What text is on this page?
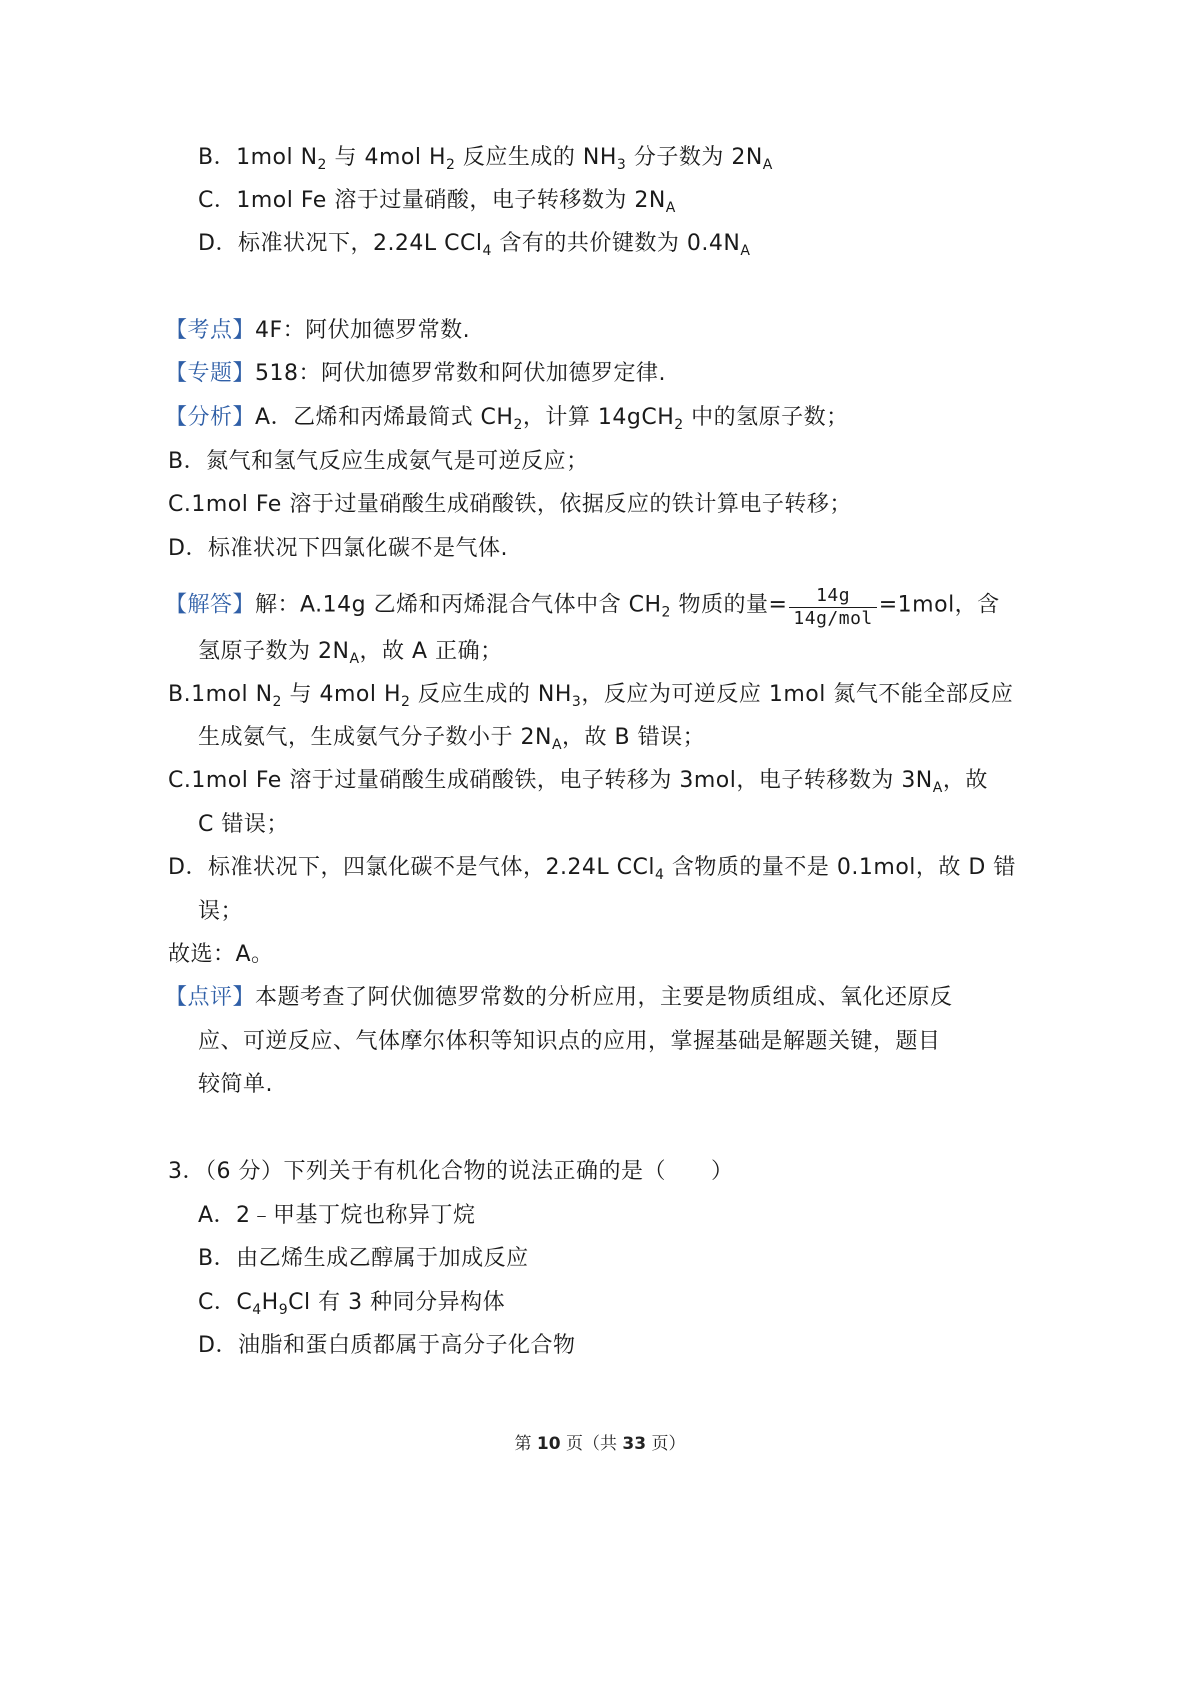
B．1mol $N_2$ 与 4mol $H_2$ 反应生成的 $NH_3$ 分子数为 $2N_A$
C．1mol Fe 溶于过量硝酸，电子转移数为 $2N_A$
D．标准状况下，2.24L CCl$_4$ 含有的共价键数为 $0.4N_A$
【考点】4F：阿伏加德罗常数.
【专题】518：阿伏加德罗常数和阿伏加德罗定律.
【分析】A．乙烯和丙烯最简式 $CH_2$，计算 14gCH$_2$ 中的氢原子数；
B．氮气和氢气反应生成氨气是可逆反应；
C.1mol Fe 溶于过量硝酸生成硝酸铁，依据反应的铁计算电子转移；
D．标准状况下四氯化碳不是气体.
【解答】解：A.14g 乙烯和丙烯混合气体中含 $CH_2$ 物质的量= $\frac{14g}{\text{14g/mol}} =1mol$，含
氢原子数为 $2N_A$，故 A 正确；
B.1mol $N_2$ 与 4mol $H_2$ 反应生成的 $NH_3$，反应为可逆反应 1mol 氮气不能全部反应
生成氨气，生成氨气分子数小于 $2N_A$，故 B 错误；
C.1mol Fe 溶于过量硝酸生成硝酸铁，电子转移为 3mol，电子转移数为 $3N_A$，故
C 错误；
D．标准状况下，四氯化碳不是气体，2.24L CCl$_4$ 含物质的量不是 0.1mol，故 D 错
误；
故选：A。
【点评】本题考查了阿伏伽德罗常数的分析应用，主要是物质组成、氧化还原反
应、可逆反应、气体摩尔体积等知识点的应用，掌握基础是解题关键，题目
较简单.
3．（6 分）下列关于有机化合物的说法正确的是（　　）
A．2﹣甲基丁烷也称异丁烷
B．由乙烯生成乙醇属于加成反应
C．$C_4H_9Cl$ 有 3 种同分异构体
D．油脂和蛋白质都属于高分子化合物
第 10 页（共 33 页）
